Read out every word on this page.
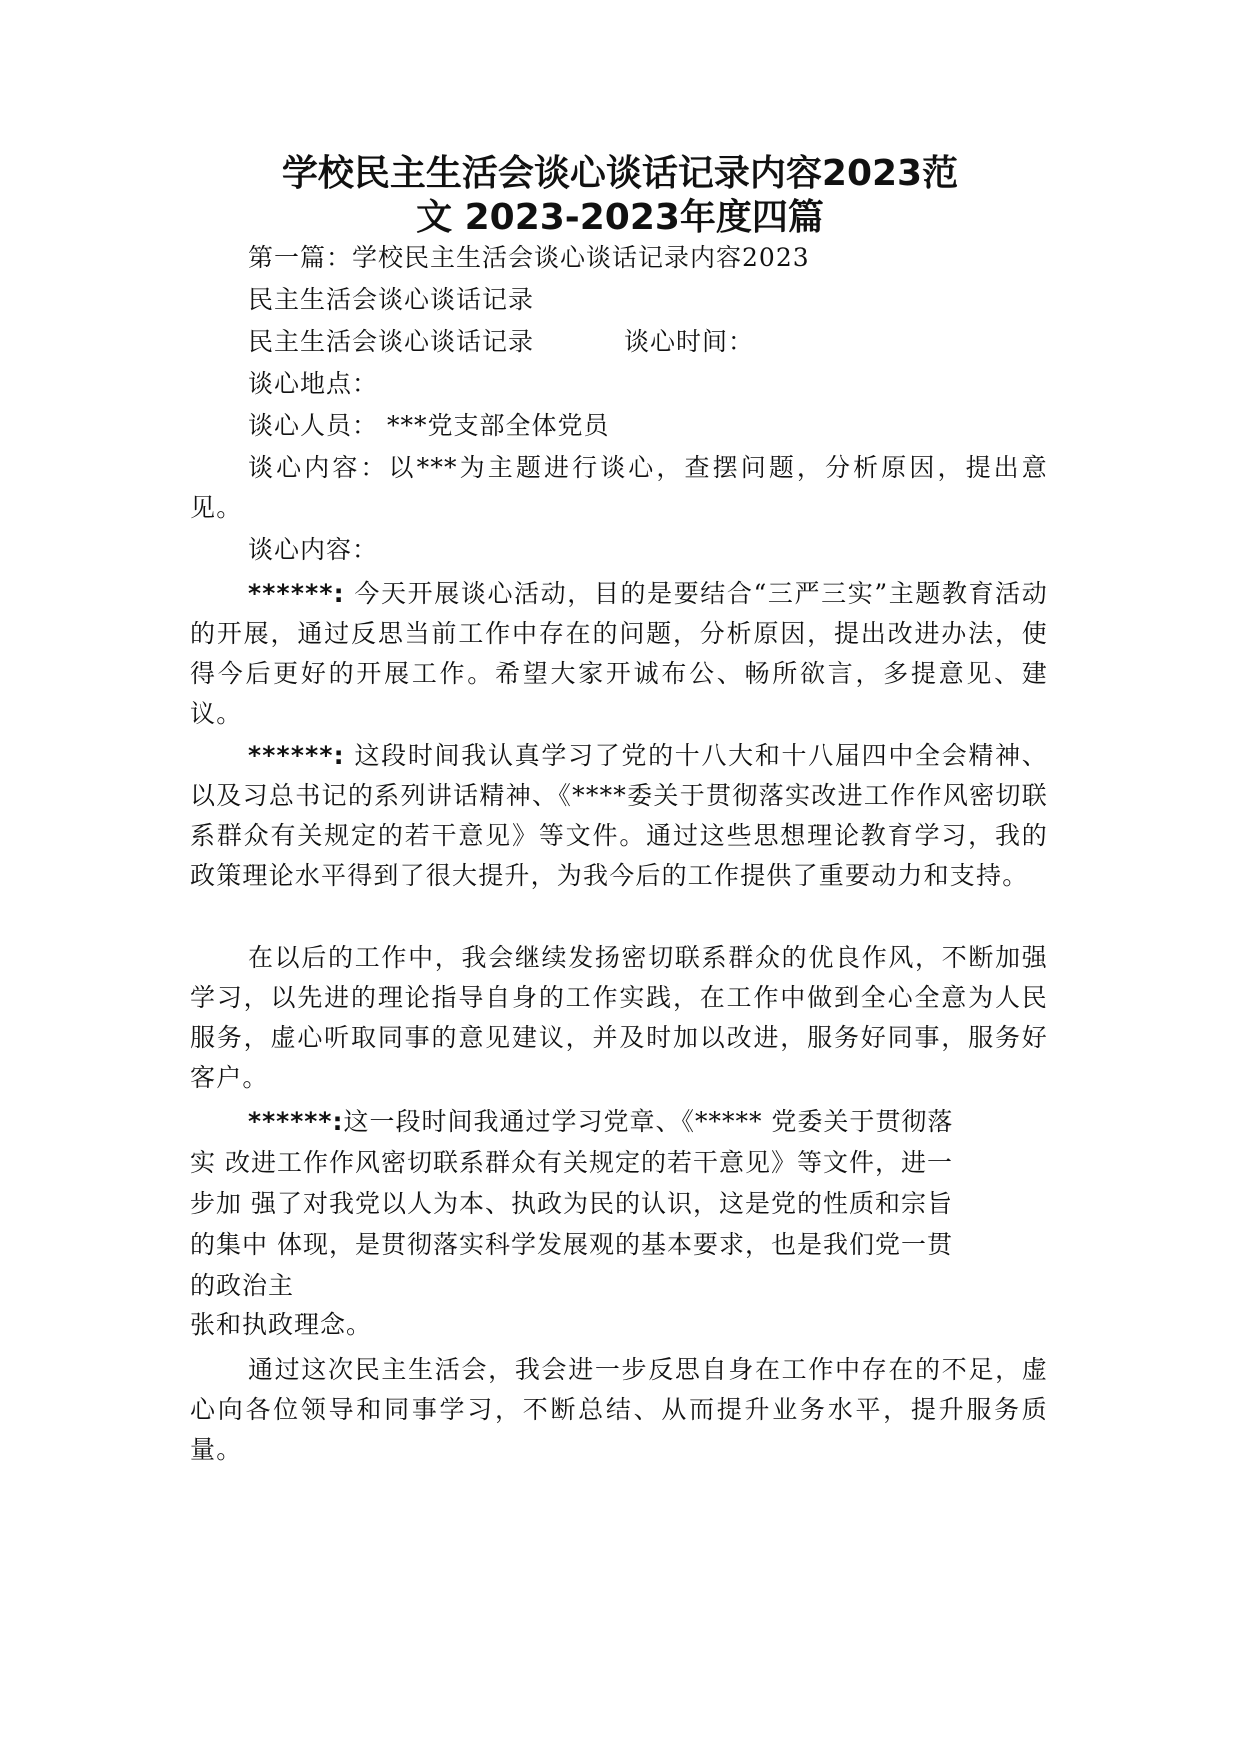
学校民主生活会谈心谈话记录内容2023范
文 2023-2023年度四篇
第一篇：学校民主生活会谈心谈话记录内容2023
民主生活会谈心谈话记录
民主生活会谈心谈话记录	谈心时间：
谈心地点：
谈心人员： ***党支部全体党员

谈心内容：以***为主题进行谈心，查摆问题，分析原因，提出意见。

谈心内容：

******: 今天开展谈心活动，目的是要结合“三严三实”主题教育活动的开展，通过反思当前工作中存在的问题，分析原因，提出改进办法，使得今后更好的开展工作。希望大家开诚布公、畅所欲言，多提意见、建议。

******: 这段时间我认真学习了党的十八大和十八届四中全会精神、以及习总书记的系列讲话精神、《****委关于贯彻落实改进工作作风密切联系群众有关规定的若干意见》等文件。通过这些思想理论教育学习，我的政策理论水平得到了很大提升，为我今后的工作提供了重要动力和支持。

在以后的工作中，我会继续发扬密切联系群众的优良作风，不断加强学习，以先进的理论指导自身的工作实践，在工作中做到全心全意为人民服务，虚心听取同事的意见建议，并及时加以改进，服务好同事，服务好客户。

******:这一段时间我通过学习党章、《***** 党委关于贯彻落
实 改进工作作风密切联系群众有关规定的若干意见》等文件，进一
步加 强了对我党以人为本、执政为民的认识，这是党的性质和宗旨
的集中 体现，是贯彻落实科学发展观的基本要求，也是我们党一贯
的政治主
张和执政理念。

通过这次民主生活会，我会进一步反思自身在工作中存在的不足，虚心向各位领导和同事学习，不断总结、从而提升业务水平，提升服务质量。
